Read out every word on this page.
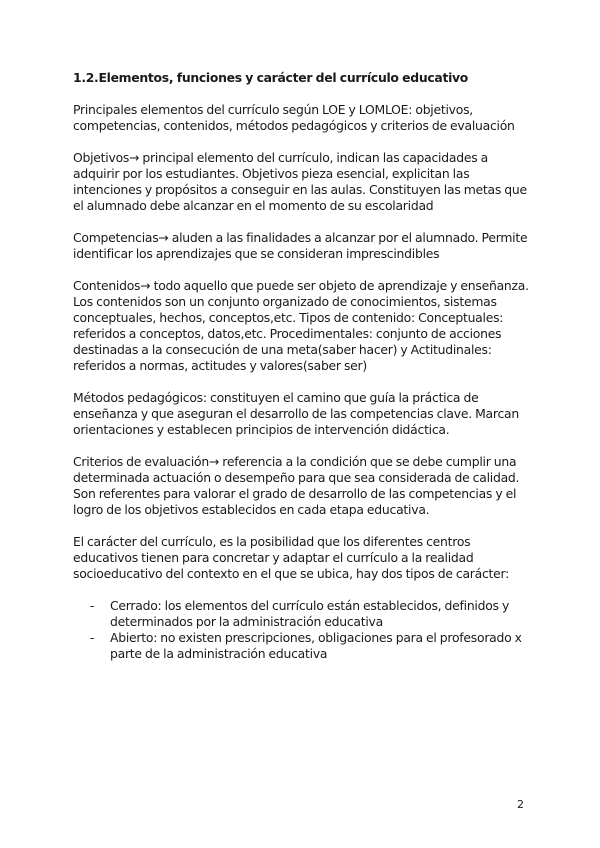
1.2.Elementos, funciones y carácter del currículo educativo
Principales elementos del currículo según LOE y LOMLOE: objetivos, competencias, contenidos, métodos pedagógicos y criterios de evaluación
Objetivos→ principal elemento del currículo, indican las capacidades a adquirir por los estudiantes. Objetivos pieza esencial, explicitan las intenciones y propósitos a conseguir en las aulas. Constituyen las metas que el alumnado debe alcanzar en el momento de su escolaridad
Competencias→ aluden a las finalidades a alcanzar por el alumnado. Permite identificar los aprendizajes que se consideran imprescindibles
Contenidos→ todo aquello que puede ser objeto de aprendizaje y enseñanza. Los contenidos son un conjunto organizado de conocimientos, sistemas conceptuales, hechos, conceptos,etc. Tipos de contenido: Conceptuales: referidos a conceptos, datos,etc. Procedimentales: conjunto de acciones destinadas a la consecución de una meta(saber hacer) y Actitudinales: referidos a normas, actitudes y valores(saber ser)
Métodos pedagógicos: constituyen el camino que guía la práctica de enseñanza y que aseguran el desarrollo de las competencias clave. Marcan orientaciones y establecen principios de intervención didáctica.
Criterios de evaluación→ referencia a la condición que se debe cumplir una determinada actuación o desempeño para que sea considerada de calidad. Son referentes para valorar el grado de desarrollo de las competencias y el logro de los objetivos establecidos en cada etapa educativa.
El carácter del currículo, es la posibilidad que los diferentes centros educativos tienen para concretar y adaptar el currículo a la realidad socioeducativo del contexto en el que se ubica, hay dos tipos de carácter:
- Cerrado: los elementos del currículo están establecidos, definidos y determinados por la administración educativa
- Abierto: no existen prescripciones, obligaciones para el profesorado x parte de la administración educativa
2
